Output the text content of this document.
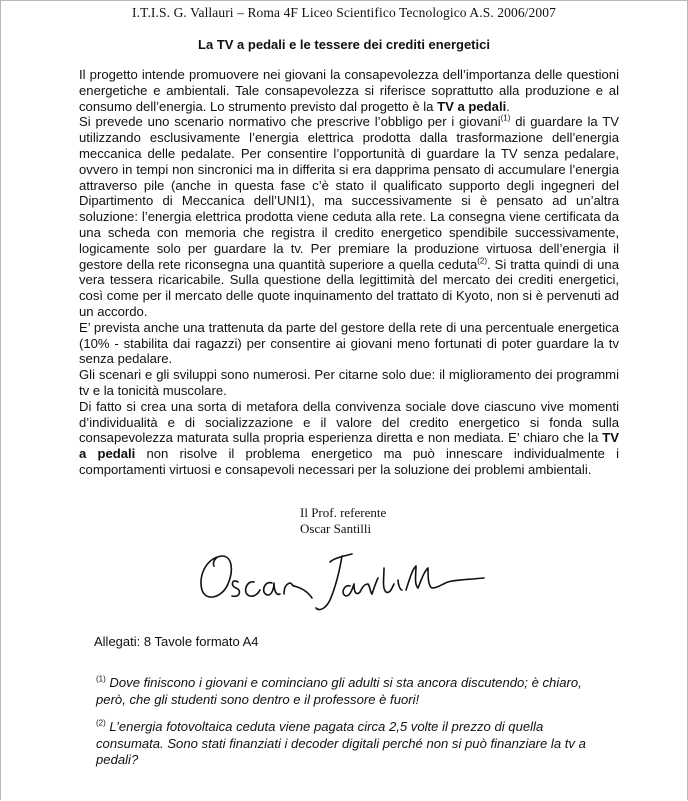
I.T.I.S. G. Vallauri – Roma 4F Liceo Scientifico Tecnologico A.S. 2006/2007
La TV a pedali e le tessere dei crediti energetici

Il progetto intende promuovere nei giovani la consapevolezza dell’importanza delle questioni energetiche e ambientali. Tale consapevolezza si riferisce soprattutto alla produzione e al consumo dell’energia. Lo strumento previsto dal progetto è la TV a pedali.

Si prevede uno scenario normativo che prescrive l’obbligo per i giovani$^{(1)}$ di guardare la TV utilizzando esclusivamente l’energia elettrica prodotta dalla trasformazione dell’energia meccanica delle pedalate. Per consentire l’opportunità di guardare la TV senza pedalare, ovvero in tempi non sincronici ma in differita si era dapprima pensato di accumulare l’energia attraverso pile (anche in questa fase c’è stato il qualificato supporto degli ingegneri del Dipartimento di Meccanica dell’UNI1), ma successivamente si è pensato ad un’altra soluzione: l’energia elettrica prodotta viene ceduta alla rete. La consegna viene certificata da una scheda con memoria che registra il credito energetico spendibile successivamente, logicamente solo per guardare la tv. Per premiare la produzione virtuosa dell’energia il gestore della rete riconsegna una quantità superiore a quella ceduta$^{(2)}$. Si tratta quindi di una vera tessera ricaricabile. Sulla questione della legittimità del mercato dei crediti energetici, così come per il mercato delle quote inquinamento del trattato di Kyoto, non si è pervenuti ad un accordo.

E’ prevista anche una trattenuta da parte del gestore della rete di una percentuale energetica (10% - stabilita dai ragazzi) per consentire ai giovani meno fortunati di poter guardare la tv senza pedalare.

Gli scenari e gli sviluppi sono numerosi. Per citarne solo due: il miglioramento dei programmi tv e la tonicità muscolare.

Di fatto si crea una sorta di metafora della convivenza sociale dove ciascuno vive momenti d’individualità e di socializzazione e il valore del credito energetico si fonda sulla consapevolezza maturata sulla propria esperienza diretta e non mediata. E’ chiaro che la TV a pedali non risolve il problema energetico ma può innescare individualmente i comportamenti virtuosi e consapevoli necessari per la soluzione dei problemi ambientali.

Il Prof. referente
Oscar Santilli
Allegati: 8 Tavole formato A4

$^{(1)}$ Dove finiscono i giovani e cominciano gli adulti si sta ancora discutendo; è chiaro, però, che gli studenti sono dentro e il professore è fuori!

$^{(2)}$ L’energia fotovoltaica ceduta viene pagata circa 2,5 volte il prezzo di quella consumata. Sono stati finanziati i decoder digitali perché non si può finanziare la tv a pedali?
